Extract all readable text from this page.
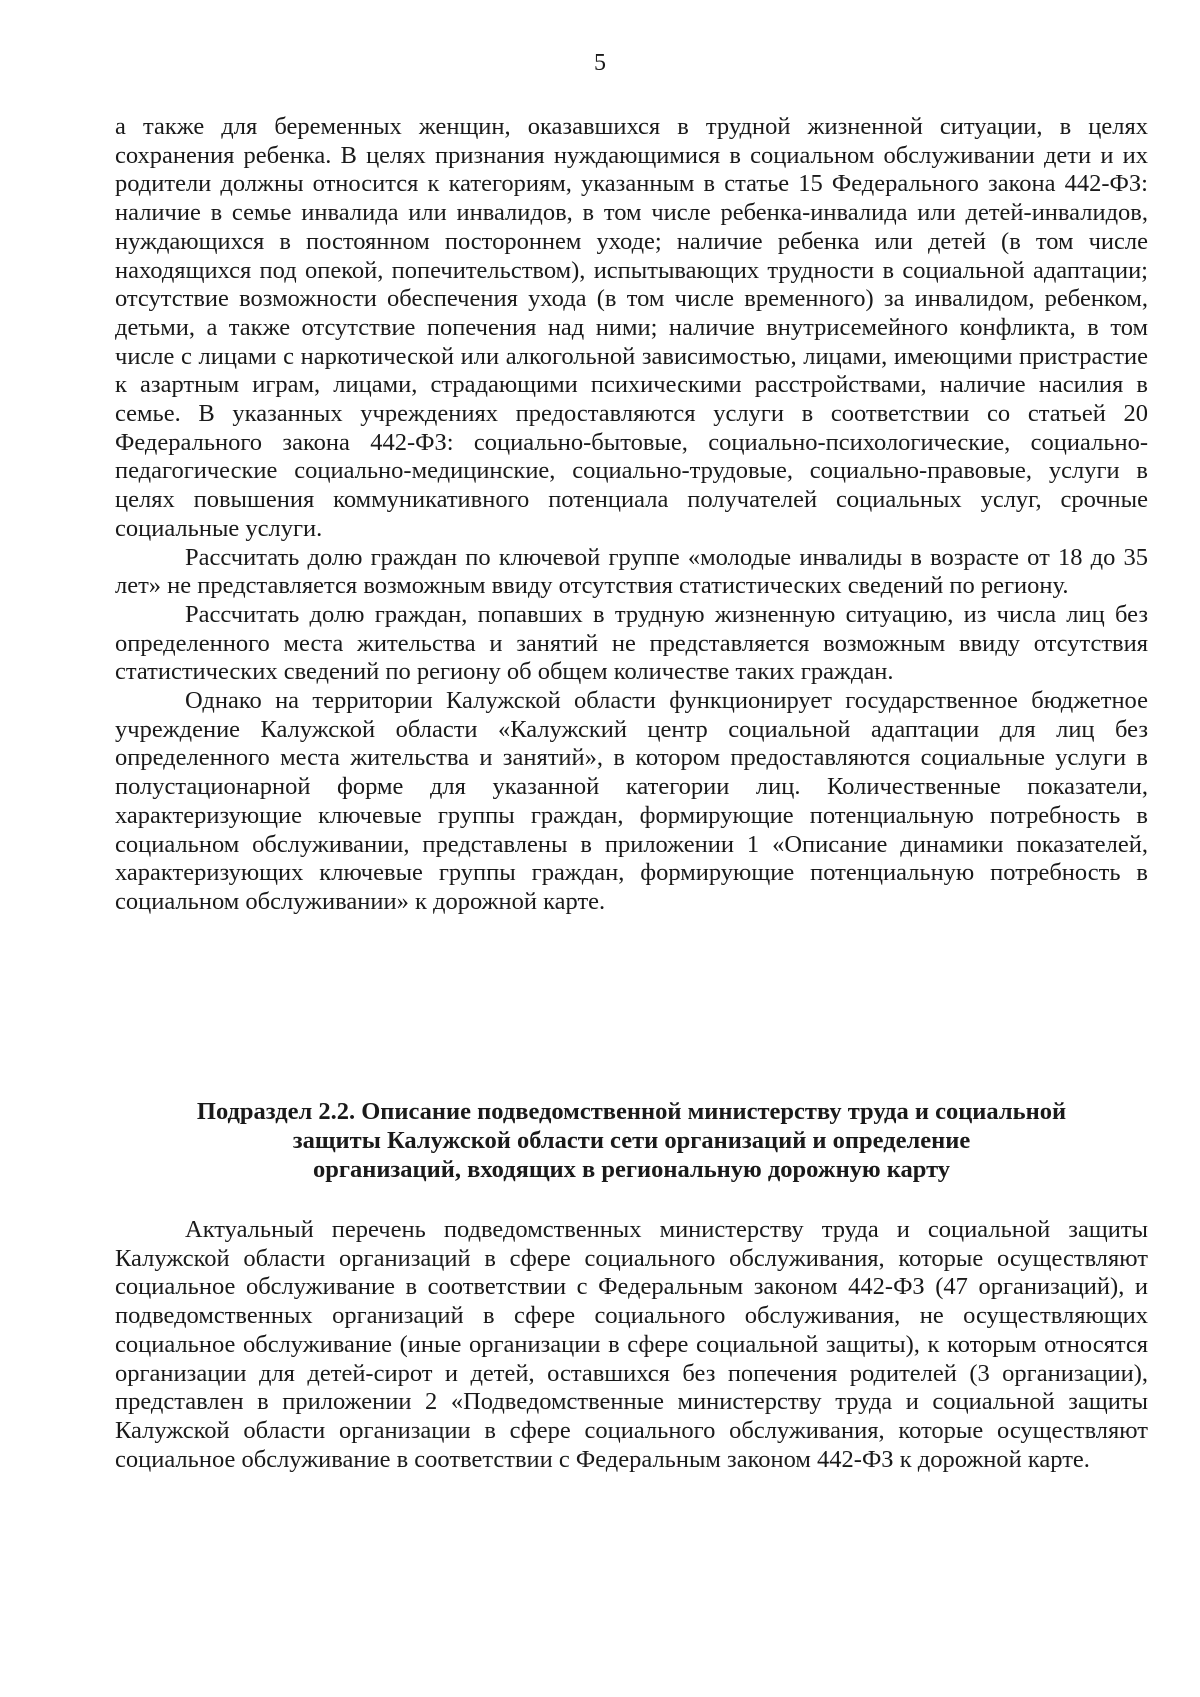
5

а также для беременных женщин, оказавшихся в трудной жизненной ситуации, в целях сохранения ребенка. В целях признания нуждающимися в социальном обслуживании дети и их родители должны относится к категориям, указанным в статье 15 Федерального закона 442-ФЗ: наличие в семье инвалида или инвалидов, в том числе ребенка-инвалида или детей-инвалидов, нуждающихся в постоянном постороннем уходе; наличие ребенка или детей (в том числе находящихся под опекой, попечительством), испытывающих трудности в социальной адаптации; отсутствие возможности обеспечения ухода (в том числе временного) за инвалидом, ребенком, детьми, а также отсутствие попечения над ними; наличие внутрисемейного конфликта, в том числе с лицами с наркотической или алкогольной зависимостью, лицами, имеющими пристрастие к азартным играм, лицами, страдающими психическими расстройствами, наличие насилия в семье. В указанных учреждениях предоставляются услуги в соответствии со статьей 20 Федерального закона 442-ФЗ: социально-бытовые, социально-психологические, социально-педагогические социально-медицинские, социально-трудовые, социально-правовые, услуги в целях повышения коммуникативного потенциала получателей социальных услуг, срочные социальные услуги.

Рассчитать долю граждан по ключевой группе «молодые инвалиды в возрасте от 18 до 35 лет» не представляется возможным ввиду отсутствия статистических сведений по региону.

Рассчитать долю граждан, попавших в трудную жизненную ситуацию, из числа лиц без определенного места жительства и занятий не представляется возможным ввиду отсутствия статистических сведений по региону об общем количестве таких граждан.

Однако на территории Калужской области функционирует государственное бюджетное учреждение Калужской области «Калужский центр социальной адаптации для лиц без определенного места жительства и занятий», в котором предоставляются социальные услуги в полустационарной форме для указанной категории лиц. Количественные показатели, характеризующие ключевые группы граждан, формирующие потенциальную потребность в социальном обслуживании, представлены в приложении 1 «Описание динамики показателей, характеризующих ключевые группы граждан, формирующие потенциальную потребность в социальном обслуживании» к дорожной карте.

Подраздел 2.2. Описание подведомственной министерству труда и социальной
защиты Калужской области сети организаций и определение
организаций, входящих в региональную дорожную карту

Актуальный перечень подведомственных министерству труда и социальной защиты Калужской области организаций в сфере социального обслуживания, которые осуществляют социальное обслуживание в соответствии с Федеральным законом 442-ФЗ (47 организаций), и подведомственных организаций в сфере социального обслуживания, не осуществляющих социальное обслуживание (иные организации в сфере социальной защиты), к которым относятся организации для детей-сирот и детей, оставшихся без попечения родителей (3 организации), представлен в приложении 2 «Подведомственные министерству труда и социальной защиты Калужской области организации в сфере социального обслуживания, которые осуществляют социальное обслуживание в соответствии с Федеральным законом 442-ФЗ к дорожной карте.
